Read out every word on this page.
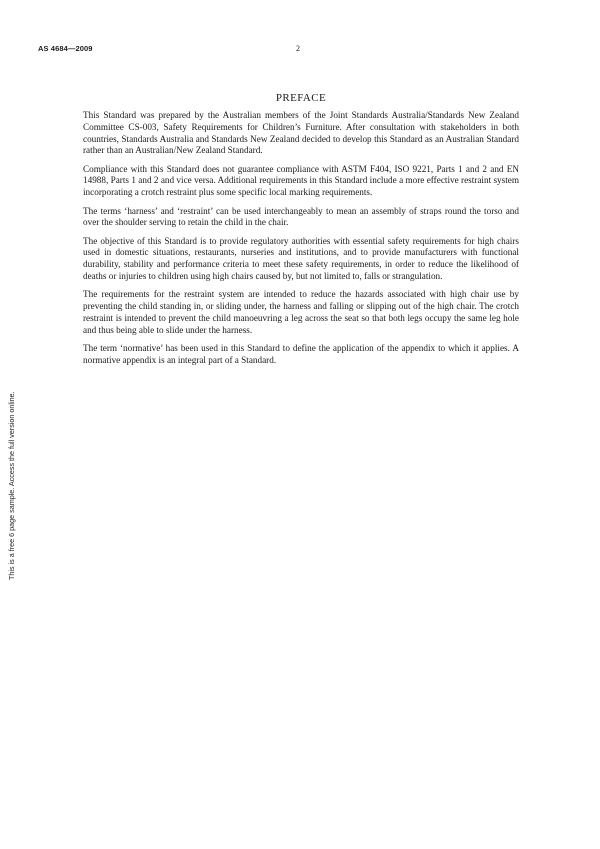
AS 4684—2009	2
This is a free 6 page sample. Access the full version online.
PREFACE

This Standard was prepared by the Australian members of the Joint Standards Australia/Standards New Zealand Committee CS-003, Safety Requirements for Children’s Furniture. After consultation with stakeholders in both countries, Standards Australia and Standards New Zealand decided to develop this Standard as an Australian Standard rather than an Australian/New Zealand Standard.

Compliance with this Standard does not guarantee compliance with ASTM F404, ISO 9221, Parts 1 and 2 and EN 14988, Parts 1 and 2 and vice versa. Additional requirements in this Standard include a more effective restraint system incorporating a crotch restraint plus some specific local marking requirements.

The terms ‘harness’ and ‘restraint’ can be used interchangeably to mean an assembly of straps round the torso and over the shoulder serving to retain the child in the chair.

The objective of this Standard is to provide regulatory authorities with essential safety requirements for high chairs used in domestic situations, restaurants, nurseries and institutions, and to provide manufacturers with functional durability, stability and performance criteria to meet these safety requirements, in order to reduce the likelihood of deaths or injuries to children using high chairs caused by, but not limited to, falls or strangulation.

The requirements for the restraint system are intended to reduce the hazards associated with high chair use by preventing the child standing in, or sliding under, the harness and falling or slipping out of the high chair. The crotch restraint is intended to prevent the child manoeuvring a leg across the seat so that both legs occupy the same leg hole and thus being able to slide under the harness.

The term ‘normative’ has been used in this Standard to define the application of the appendix to which it applies. A normative appendix is an integral part of a Standard.
